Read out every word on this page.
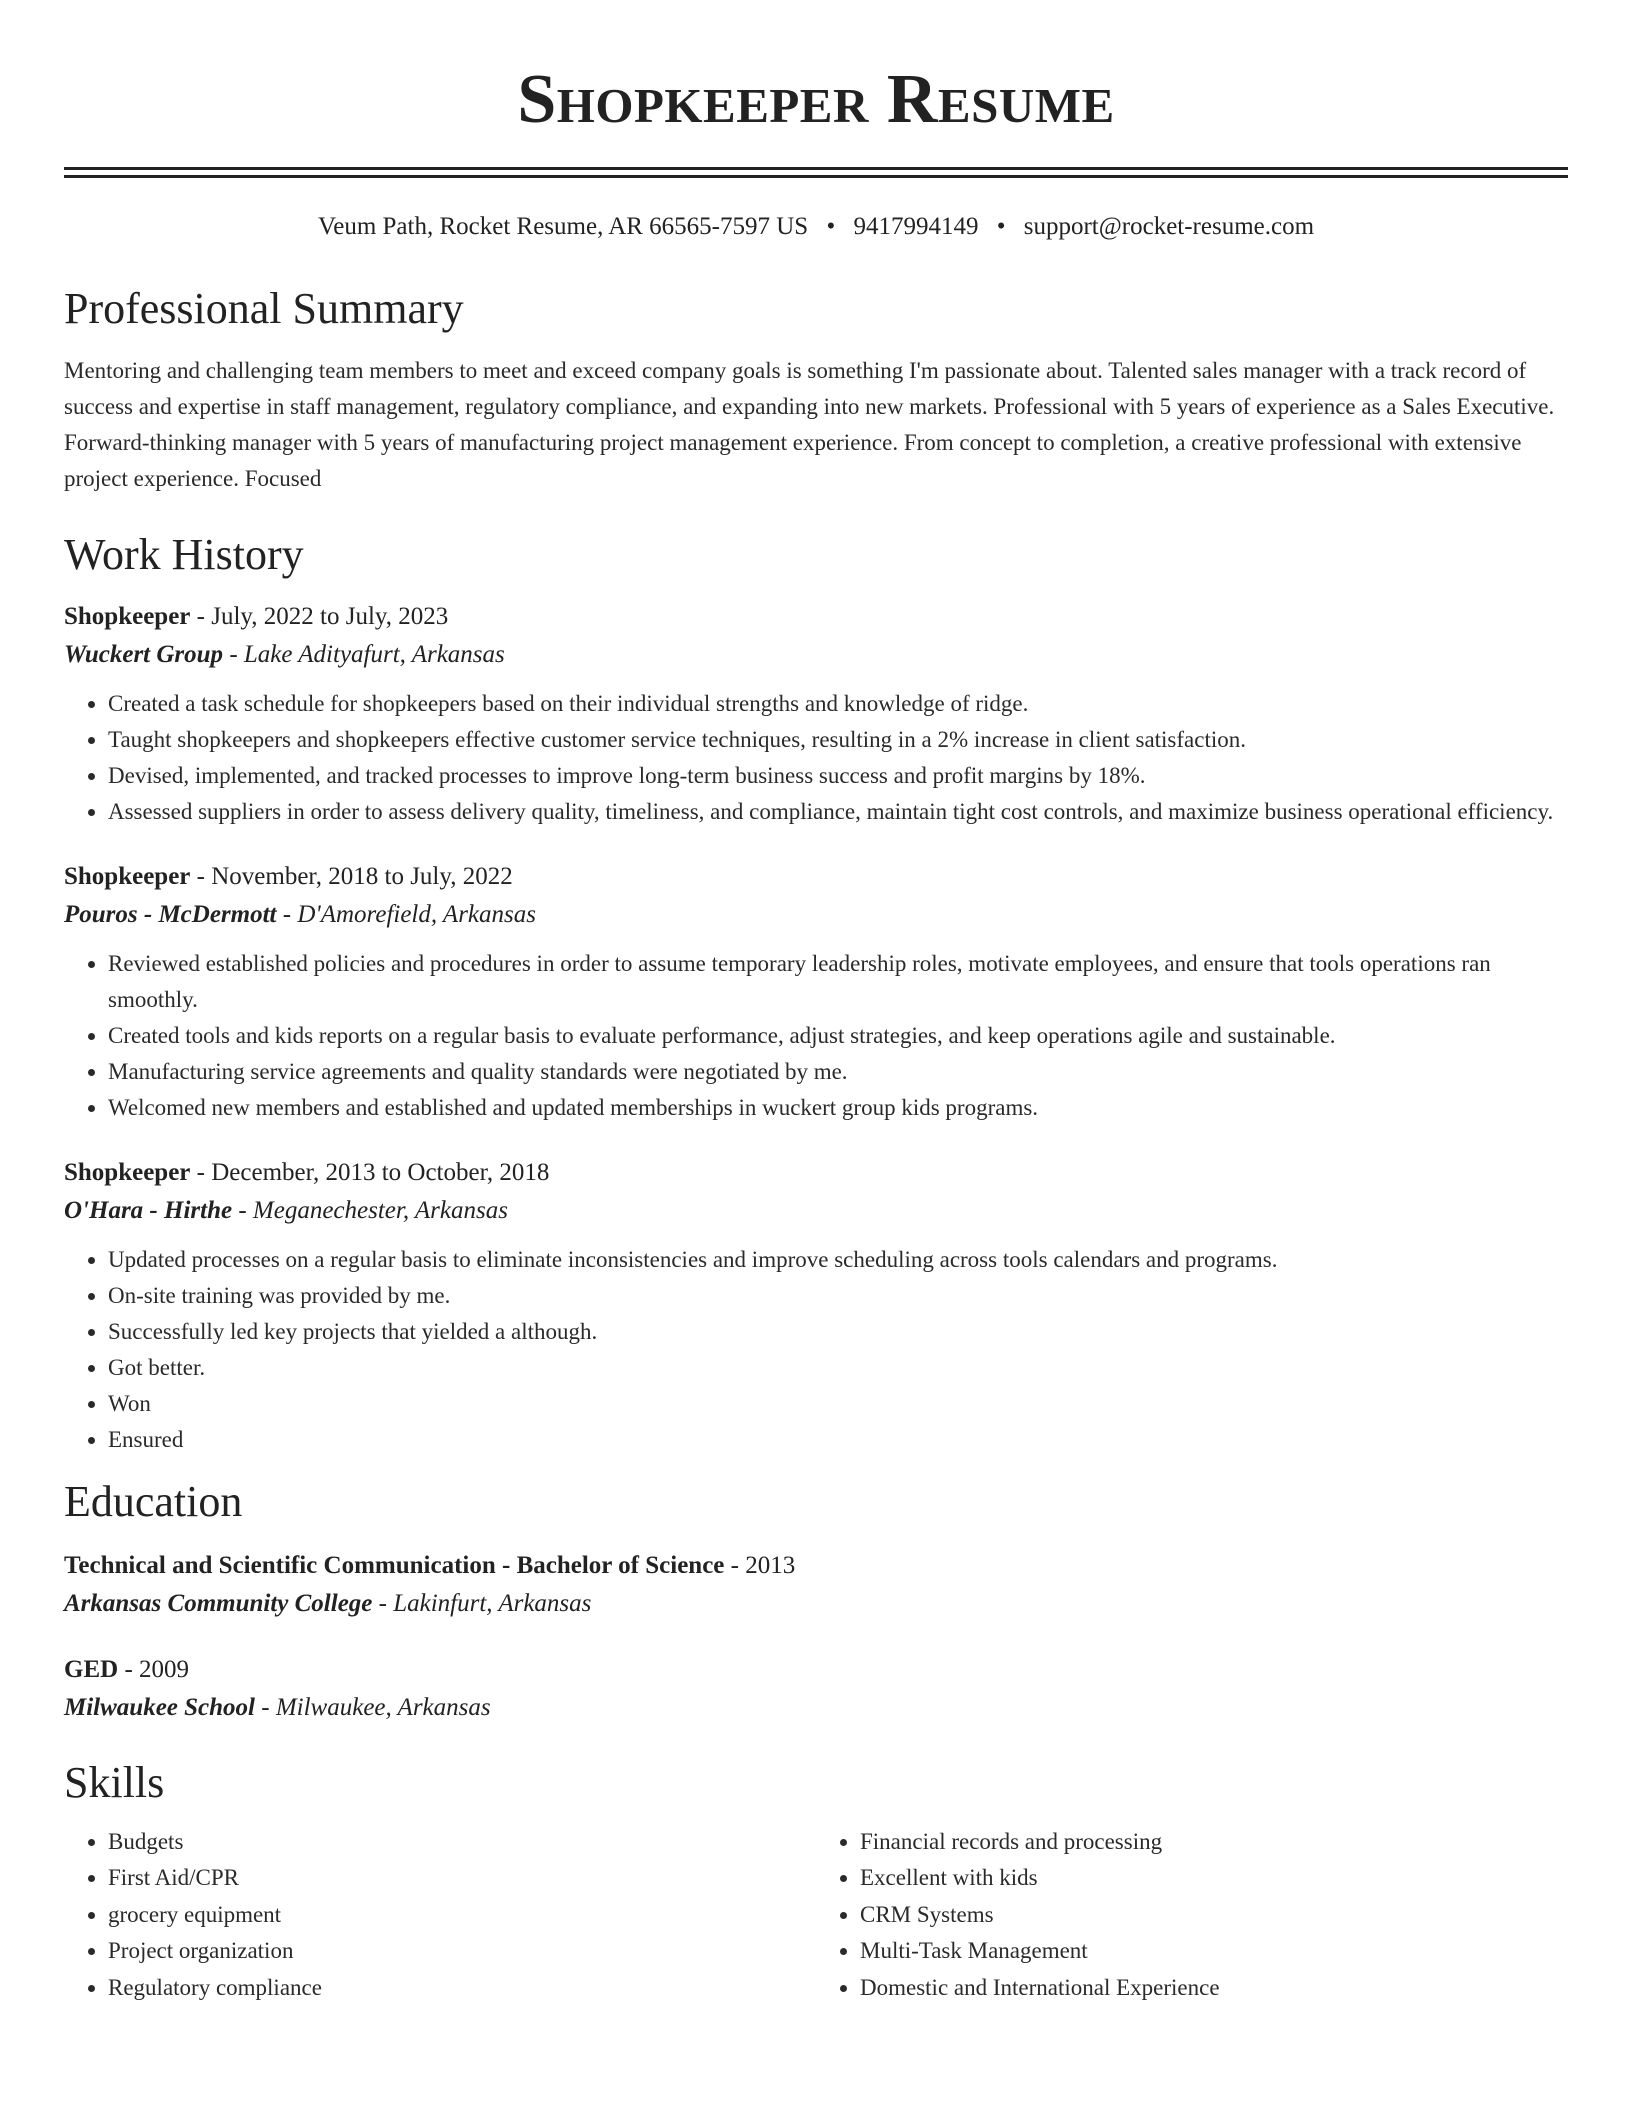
Shopkeeper Resume
Veum Path, Rocket Resume, AR 66565-7597 US • 9417994149 • support@rocket-resume.com
Professional Summary
Mentoring and challenging team members to meet and exceed company goals is something I'm passionate about. Talented sales manager with a track record of success and expertise in staff management, regulatory compliance, and expanding into new markets. Professional with 5 years of experience as a Sales Executive. Forward-thinking manager with 5 years of manufacturing project management experience. From concept to completion, a creative professional with extensive project experience. Focused
Work History
Shopkeeper - July, 2022 to July, 2023
Wuckert Group - Lake Adityafurt, Arkansas
• Created a task schedule for shopkeepers based on their individual strengths and knowledge of ridge.
• Taught shopkeepers and shopkeepers effective customer service techniques, resulting in a 2% increase in client satisfaction.
• Devised, implemented, and tracked processes to improve long-term business success and profit margins by 18%.
• Assessed suppliers in order to assess delivery quality, timeliness, and compliance, maintain tight cost controls, and maximize business operational efficiency.
Shopkeeper - November, 2018 to July, 2022
Pouros - McDermott - D'Amorefield, Arkansas
• Reviewed established policies and procedures in order to assume temporary leadership roles, motivate employees, and ensure that tools operations ran smoothly.
• Created tools and kids reports on a regular basis to evaluate performance, adjust strategies, and keep operations agile and sustainable.
• Manufacturing service agreements and quality standards were negotiated by me.
• Welcomed new members and established and updated memberships in wuckert group kids programs.
Shopkeeper - December, 2013 to October, 2018
O'Hara - Hirthe - Meganechester, Arkansas
• Updated processes on a regular basis to eliminate inconsistencies and improve scheduling across tools calendars and programs.
• On-site training was provided by me.
• Successfully led key projects that yielded a although.
• Got better.
• Won
• Ensured
Education
Technical and Scientific Communication - Bachelor of Science - 2013
Arkansas Community College - Lakinfurt, Arkansas
GED - 2009
Milwaukee School - Milwaukee, Arkansas
Skills
• Budgets
• First Aid/CPR
• grocery equipment
• Project organization
• Regulatory compliance
• Financial records and processing
• Excellent with kids
• CRM Systems
• Multi-Task Management
• Domestic and International Experience
